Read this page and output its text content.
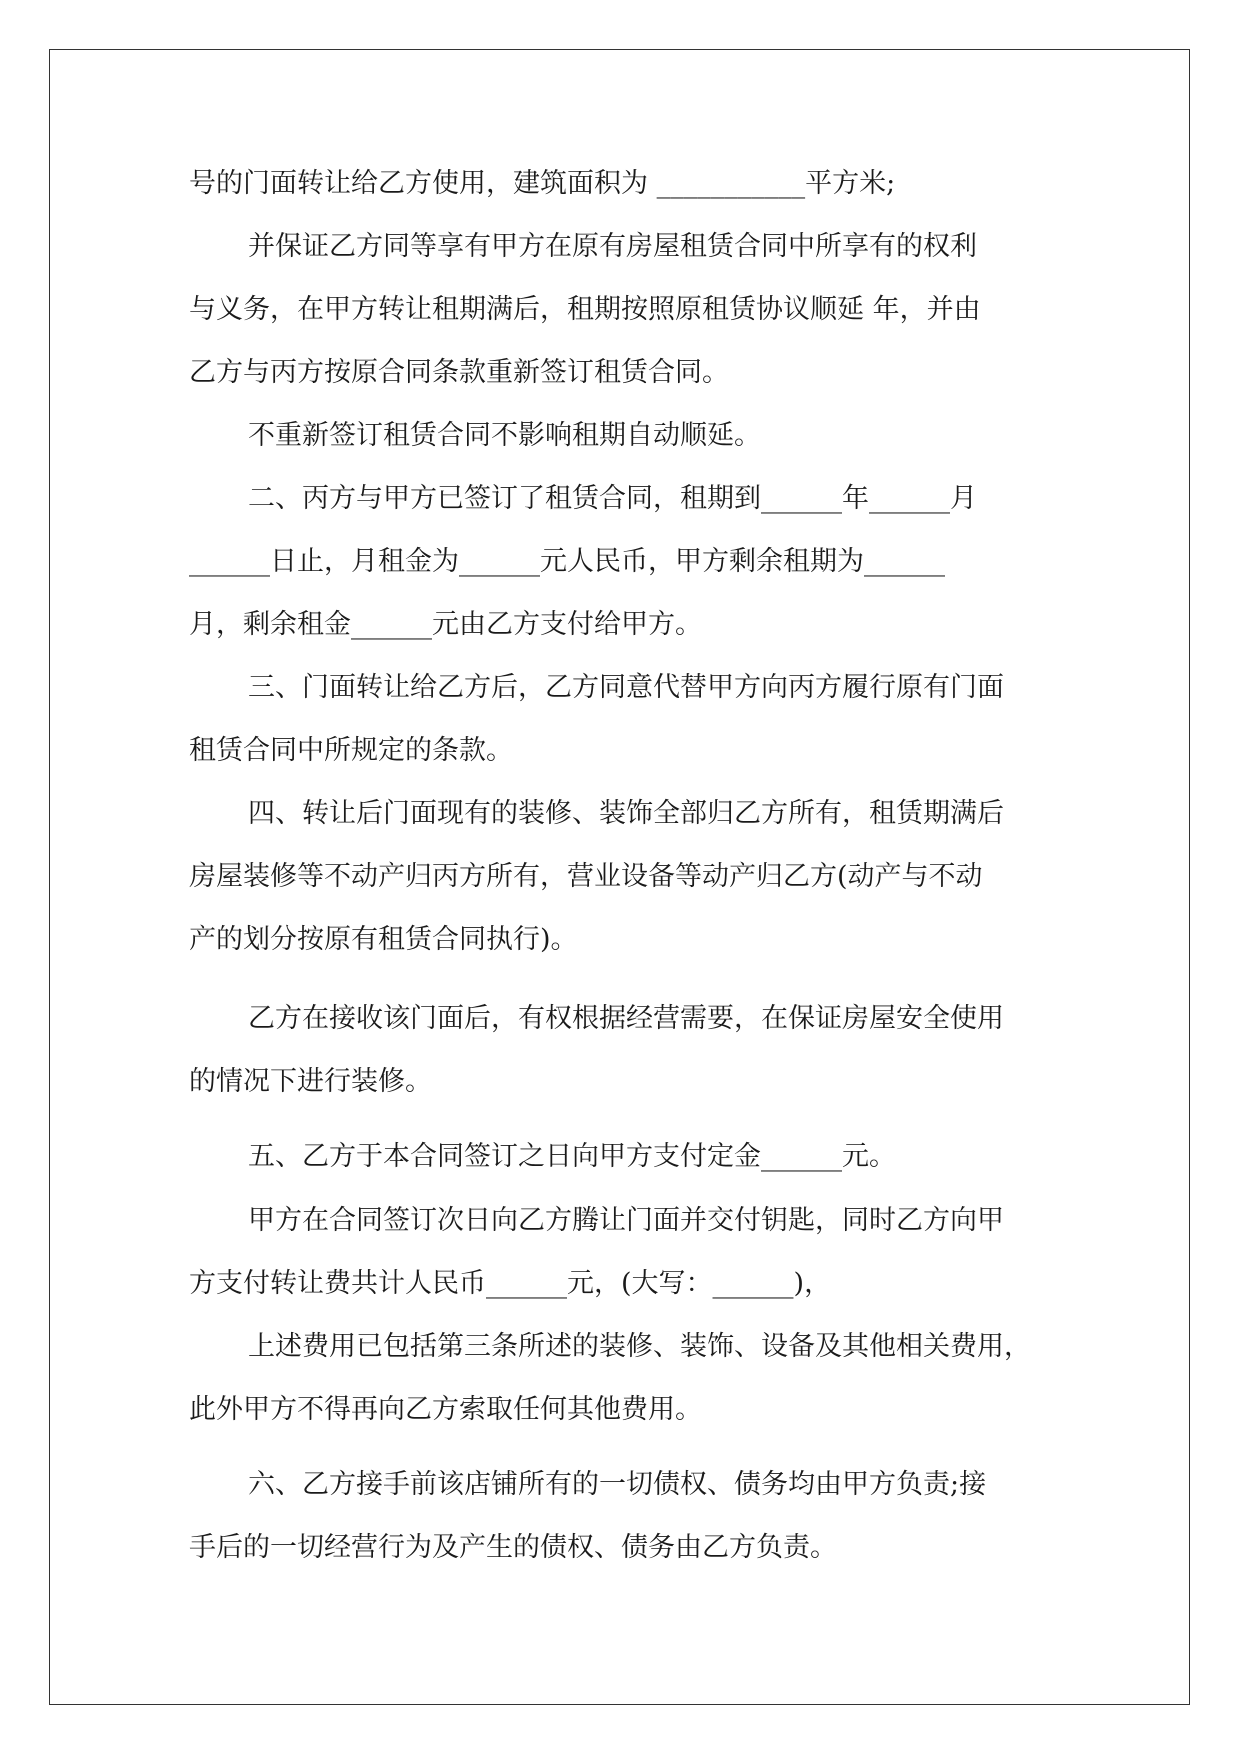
号的门面转让给乙方使用，建筑面积为 ___________平方米;
并保证乙方同等享有甲方在原有房屋租赁合同中所享有的权利
与义务，在甲方转让租期满后，租期按照原租赁协议顺延 年，并由
乙方与丙方按原合同条款重新签订租赁合同。
不重新签订租赁合同不影响租期自动顺延。
二、丙方与甲方已签订了租赁合同，租期到______年______月
______日止，月租金为______元人民币，甲方剩余租期为______
月，剩余租金______元由乙方支付给甲方。
三、门面转让给乙方后，乙方同意代替甲方向丙方履行原有门面
租赁合同中所规定的条款。
四、转让后门面现有的装修、装饰全部归乙方所有，租赁期满后
房屋装修等不动产归丙方所有，营业设备等动产归乙方(动产与不动
产的划分按原有租赁合同执行)。
乙方在接收该门面后，有权根据经营需要，在保证房屋安全使用
的情况下进行装修。
五、乙方于本合同签订之日向甲方支付定金______元。
甲方在合同签订次日向乙方腾让门面并交付钥匙，同时乙方向甲
方支付转让费共计人民币______元，(大写：______)，
上述费用已包括第三条所述的装修、装饰、设备及其他相关费用，
此外甲方不得再向乙方索取任何其他费用。
六、乙方接手前该店铺所有的一切债权、债务均由甲方负责;接
手后的一切经营行为及产生的债权、债务由乙方负责。
